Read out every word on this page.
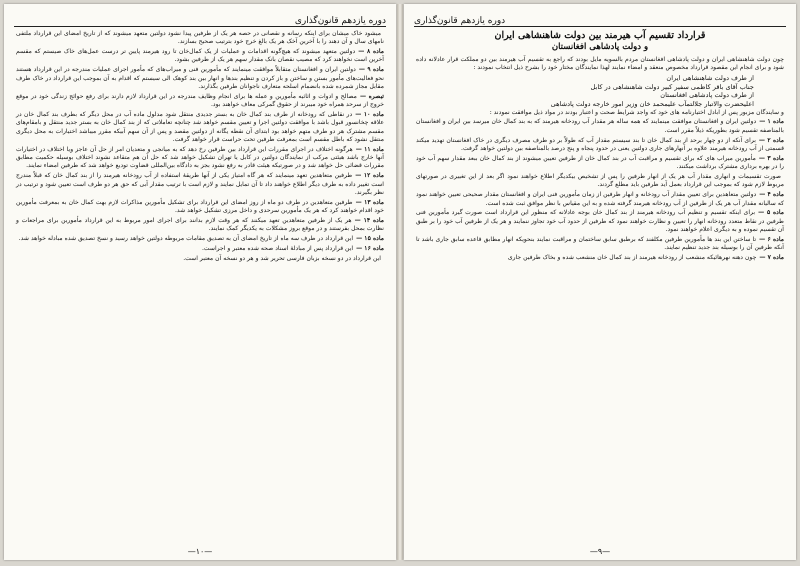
دوره یازدهم قانون‌گذاری
میشود خاک میشان برای اینکه رسانه و نقصانی در حصه هر یک از طرفین پیدا نشود دولتین متعهد میشوند که از تاریخ امضای این قرارداد ملتفی نامهای سال و آن دهند را با آخرین آخک هر یک بالغ خرج خود بترتیب صحیح بسازند.
ماده ۸ —دولتین متعهد میشوند که هیچ‌گونه اقدامات و عملیات از یک کمال‌خان تا رود هیرمند پایین تر درست عمل‌های خاک صیستم که مقسم آخرین است نخواهند کرد که مصیب نقصان بانک مقدار سهم هر یک از طرفین بشود.
ماده ۹ —دولتین ایران و افغانستان متقابلاً موافقت مینمایند که مأمورین فنی و میراب‌های که مأمور اجرای عملیات مندرجه در این قرارداد هستند نحو فعالیت‌های مأمور بستن و ساختن و باز کردن و تنظیم بندها و انهار بین بند کوهک الی سیستم که اقدام به آن بموجب این قرارداد در خاک طرف مقابل مجاز شمرده شده بانضمام اسلحه متعارف ناجوانان طرفین بگذارند.
تبصره —مصالح و ادوات و اثاثیه مأمورین و عمله ها برای انجام وظایف مندرجه در این قرارداد لازم دارند برای رفع حوائج زندگی خود در موقع خروج از سرحد همراه خود میبرند از حقوق گمرکی معاف خواهند بود.
ماده ۱۰ —در نقاطی که رودخانه از طرف بند کمال خان به بستر جدیدی منتقل شود مدلول ماده آب در محل دیگر که بطرف بند کمال خان در علاقه چخانسور قبول باشد با موافقت دولتین اجرا و تعیین مقسم خواهد شد چنانچه تعاملاتی که از بند کمال خان به بستر جدید منتقل و بامقام‌های مقسم مشترک هر دو طرف متهم خواهد بود ابتدای آن نقطه یگانه از دولتین مقصد و پس از آن سهم آبیکه مقرر میباشد اختیارات به محل دیگری منتقل نشود که باطل مقسم است بمعرفت طرفین تحت حراست قرار خواهد گرفت.
ماده ۱۱ —هرگونه اختلاف در اجرای مقررات این قرارداد بین طرفین رخ دهد که به میانجی و متعدیان امر از حل آن عاجز ویا اختلاف در اختیارات آنها خارج باشد هیئتی مرکب از نمایندگان دولتین در کابل یا تهران تشکیل خواهد شد که حل آن هم متقاعد نشوند اختلاف بوسیله حکمیت مطابق مقررات قضائی حل خواهد شد و در صورتیکه هیئت قادر به رفع نشود بجز به دادگاه بین‌المللی قضاوت تودیع خواهد شد که طرفین امضاء نمایند.
ماده ۱۲ —طرفین متعاهدین تعهد مینمایند که هر گاه امتیاز یکی از آنها طریقهٔ استفاده از آب رودخانه هیرمند را از بند کمال خان که قبلاً مندرج است تغییر داده به طرف دیگر اطلاع خواهند داد تا آن تمایل نمایند و لازم است با ترتیب مقدار آبی که حق هر دو طرف است تعیین شود و ترتیب در نظر بگیرند.
ماده ۱۳ —طرفین متعاهدین در طرف دو ماه از روز امضای این قرارداد برای تشکیل مأمورین مذاکرات لازم بهت کمال خان به بمعرفت مأمورین خود اقدام خواهند کرد که هر یک مأمورین سرحدی و داخل مرزی تشکیل خواهد شد.
ماده ۱۴ —هر یک از طرفین متعاهدین تعهد میکنند که هر وقت لازم بدانند برای اجرای امور مربوط به این قرارداد مأمورین برای مراجعات و نظارت بمحل بفرستند و در موقع بروز مشکلات به یکدیگر کمک نمایند.
ماده ۱۵ —این قرارداد در طرف سه ماه از تاریخ امضای آن به تصدیق مقامات مربوطه دولتین خواهد رسید و نسخ تصدیق شده مبادله خواهد شد.
ماده ۱۶ —این قرارداد پس از مبادلهٔ اسناد صحه شده معتبر و اجراست.
این قرارداد در دو نسخه بزبان فارسی تحریر شد و هر دو نسخه آن معتبر است.
—۱۰—
دوره یازدهم قانون‌گذاری
قرارداد تقسیم آب هیرمند بین دولت شاهنشاهی ایران
و دولت پادشاهی افغانستان
چون دولت شاهنشاهی ایران و دولت پادشاهی افغانستان مردم بالسویه مایل بودند که راجع به تقسیم آب هیرمند بین دو مملکت قرار عادلانه داده شود و برای انجام این مقصود قرارداد مخصوص منعقد و امضاء نمایند لهذا نمایندگان مختار خود را بشرح ذیل انتخاب نمودند :
از طرف دولت شاهنشاهی ایران
جناب آقای باقر کاظمی سفیر کبیر دولت شاهنشاهی در کابل
از طرف دولت پادشاهی افغانستان
اعلیحضرت والاتبار جلالتمآب علیمحمد خان وزیر امور خارجه دولت پادشاهی
و سایندگان مزبور پس از ابادل اختیارنامه های خود که واجد شرایط صحت و اعتبار بودند در مواد ذیل موافقت نمودند :
ماده ۱ —دولتین ایران و افغانستان موافقت مینمایند که همه ساله هر مقدار آب رودخانه هیرمند که به بند کمال خان میرسد بین ایران و افغانستان بالمناصفه تقسیم شود بطوریکه ذیلاً مقرر است.
ماده ۲ —برای آنکه از دو چهار برحد از بند کمال خان تا بند سیستم مقدار آب که طولاً بر دو طرف مصرف دیگری در خاک افغانستان تهدید میکند قسمتی از آب رودخانه هیرمند علاوه بر آنهارهای جاری دولتین یعنی در حدود پنجاه و پنج درصد بالمناصفه بین دولتین خواهد گرفت.
ماده ۳ —مأمورین میراب های که برای تقسیم و مراقبت آب در بند کمال خان از طرفین تعیین میشوند از بند کمال خان ببعد مقدار سهم آب خود را در بهره برداری مشترک برداشت میکنند.
صورت تقسیمات و انهاری مقدار آب هر یک از انهار طرفین را پس از تشخیص بیکدیگر اطلاع خواهند نمود اگر بعد از این تغییری در صورتهای مربوط لازم شود که بموجب این قرارداد بعمل آید طرفین باید مطلع گردند.
ماده ۴ —دولتین متعاهدین برای تعیین مقدار آب رودخانه و انهار طرفین از زمان مأمورین فنی ایران و افغانستان مقدار صحیحی تعیین خواهند نمود که سالیانه مقدار آب هر یک از طرفین از آب رودخانه هیرمند گرفته شده و به این مقیاس با نظر موافق ثبت شده است.
ماده ۵ —برای اینکه تقسیم و تنظیم آب رودخانه هیرمند از بند کمال خان بوجه عادلانه که منظور این قرارداد است صورت گیرد مأمورین فنی طرفین در نقاط متعدد رودخانه انهار را تعیین و نظارت خواهند نمود که طرفین از حدود آب خود تجاوز ننمایند و هر یک از طرفین آب خود را بر طبق آن تقسیم نموده و به دیگری اعلام خواهند نمود.
ماده ۶ —تا ساختن این بند ها مأمورین طرفین مکلفند که برطبق سابق ساختمان و مراقبت نمایند بنحویکه انهار مطابق قاعده سابق جاری باشد تا آنکه طرفین آن را بوسیله بند جدید تنظیم نمایند.
ماده ۷ —چون دهنه نهرهائیکه منشعب از رودخانه هیرمند از بند کمال خان منشعب شده و بخاک طرفین جاری
—۹—
